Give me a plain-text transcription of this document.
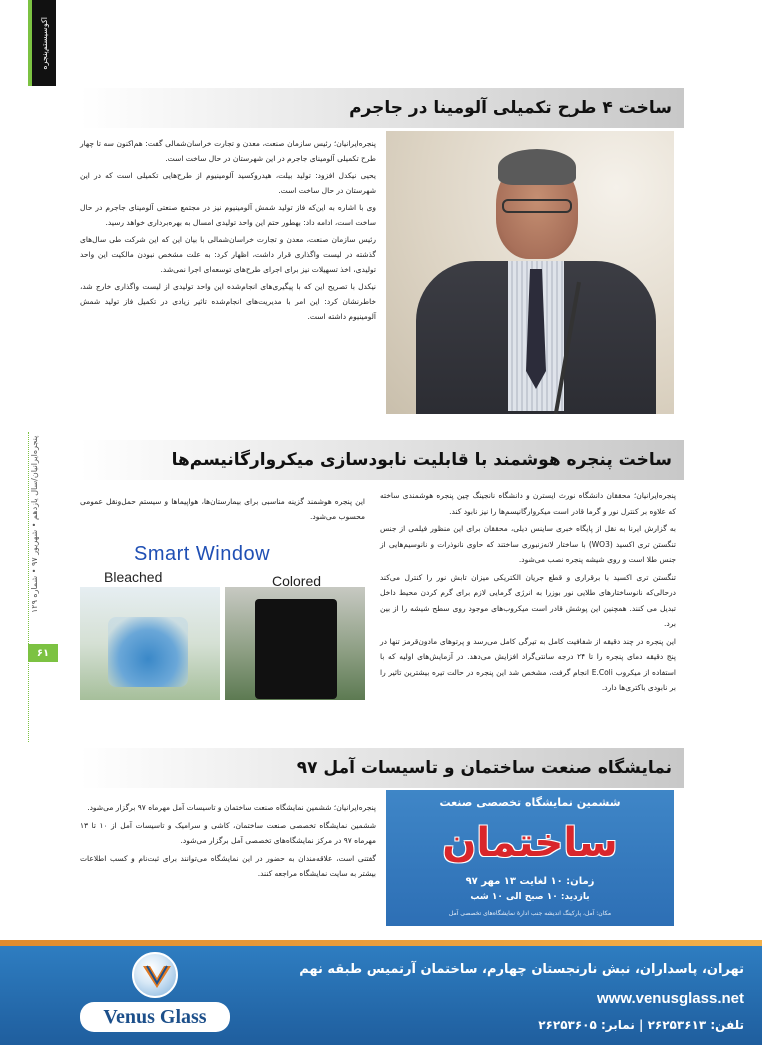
اکوسیستم‌پنجره
پنجره‌ایرانیان/سال یازدهم • شهریور ۹۷ • شماره ۱۲۹
۶۱
ساخت ۴ طرح تکمیلی آلومینا در جاجرم

پنجره‌ایرانیان؛ رئیس سازمان صنعت، معدن و تجارت خراسان‌شمالی گفت: هم‌اکنون سه تا چهار طرح تکمیلی آلومینای جاجرم در این شهرستان در حال ساخت است.

یحیی نیکدل افزود: تولید بیلت، هیدروکسید آلومینیوم از طرح‌هایی تکمیلی است که در این شهرستان در حال ساخت است.

وی با اشاره به این‌که فاز تولید شمش آلومینیوم نیز در مجتمع صنعتی آلومینای جاجرم در حال ساخت است، ادامه داد: بهطور حتم این واحد تولیدی امسال به بهره‌برداری خواهد رسید.

رئیس سازمان صنعت، معدن و تجارت خراسان‌شمالی با بیان این که این شرکت طی سال‌های گذشته در لیست واگذاری قرار داشت، اظهار کرد: به علت مشخص نبودن مالکیت این واحد تولیدی، اخذ تسهیلات نیز برای اجرای طرح‌های توسعه‌ای اجرا نمی‌شد.

نیکدل با تصریح این که با پیگیری‌های انجام‌شده این واحد تولیدی از لیست واگذاری خارج شد، خاطرنشان کرد: این امر با مدیریت‌های انجام‌شده تاثیر زیادی در تکمیل فاز تولید شمش آلومینیوم داشته است.

ساخت پنجره هوشمند با قابلیت نابودسازی میکروارگانیسم‌ها

پنجره‌ایرانیان؛ محققان دانشگاه نورث ایسترن و دانشگاه نانجینگ چین پنجره هوشمندی ساخته که علاوه بر کنترل نور و گرما قادر است میکروارگانیسم‌ها را نیز نابود کند.

به گزارش ایرنا به نقل از پایگاه خبری ساینس دیلی، محققان برای این منظور فیلمی از جنس تنگستن تری اکسید (WO3) با ساختار لانه‌زنبوری ساختند که حاوی نانوذرات و نانوسیم‌هایی از جنس طلا است و روی شیشه پنجره نصب می‌شود.

تنگستن تری اکسید با برقراری و قطع جریان الکتریکی میزان تابش نور را کنترل می‌کند درحالی‌که نانوساختارهای طلایی نور بوزرا به انرژی گرمایی لازم برای گرم کردن محیط داخل تبدیل می کنند. همچنین این پوشش قادر است میکروب‌های موجود روی سطح شیشه را از بین برد.

این پنجره در چند دقیقه از شفافیت کامل به تیرگی کامل می‌رسد و پرتوهای مادون‌قرمز تنها در پنج دقیقه دمای پنجره را تا ۲۴ درجه سانتی‌گراد افزایش می‌دهد. در آزمایش‌های اولیه که با استفاده از میکروب E.Coli انجام گرفت، مشخص شد این پنجره در حالت تیره بیشترین تاثیر را بر نابودی باکتری‌ها دارد.

این پنجره هوشمند گزینه مناسبی برای بیمارستان‌ها، هواپیماها و سیستم حمل‌ونقل عمومی محسوب می‌شود.

Smart Window
Bleached	Colored
نمایشگاه صنعت ساختمان و تاسیسات آمل ۹۷

پنجره‌ایرانیان؛ ششمین نمایشگاه صنعت ساختمان و تاسیسات آمل مهرماه ۹۷ برگزار می‌شود.

ششمین نمایشگاه تخصصی صنعت ساختمان، کاشی و سرامیک و تاسیسات آمل از ۱۰ تا ۱۳ مهرماه ۹۷ در مرکز نمایشگاه‌های تخصصی آمل برگزار می‌شود.

گفتنی است، علاقه‌مندان به حضور در این نمایشگاه می‌توانند برای ثبت‌نام و کسب اطلاعات بیشتر به سایت نمایشگاه مراجعه کنند.

ششمین نمایشگاه تخصصی صنعت
ساختمان
زمان: ۱۰ لغایت ۱۳ مهر ۹۷
بازدید: ۱۰ صبح الی ۱۰ شب
مکان: آمل، پارکینگ اندیشه جنب ادارهٔ نمایشگاه‌های تخصصی آمل
تهران، پاسداران، نبش نارنجستان چهارم، ساختمان آرتمیس طبقه نهم
www.venusglass.net
تلفن: ۲۶۲۵۳۶۱۳ | نمابر: ۲۶۲۵۳۶۰۵
Venus Glass
